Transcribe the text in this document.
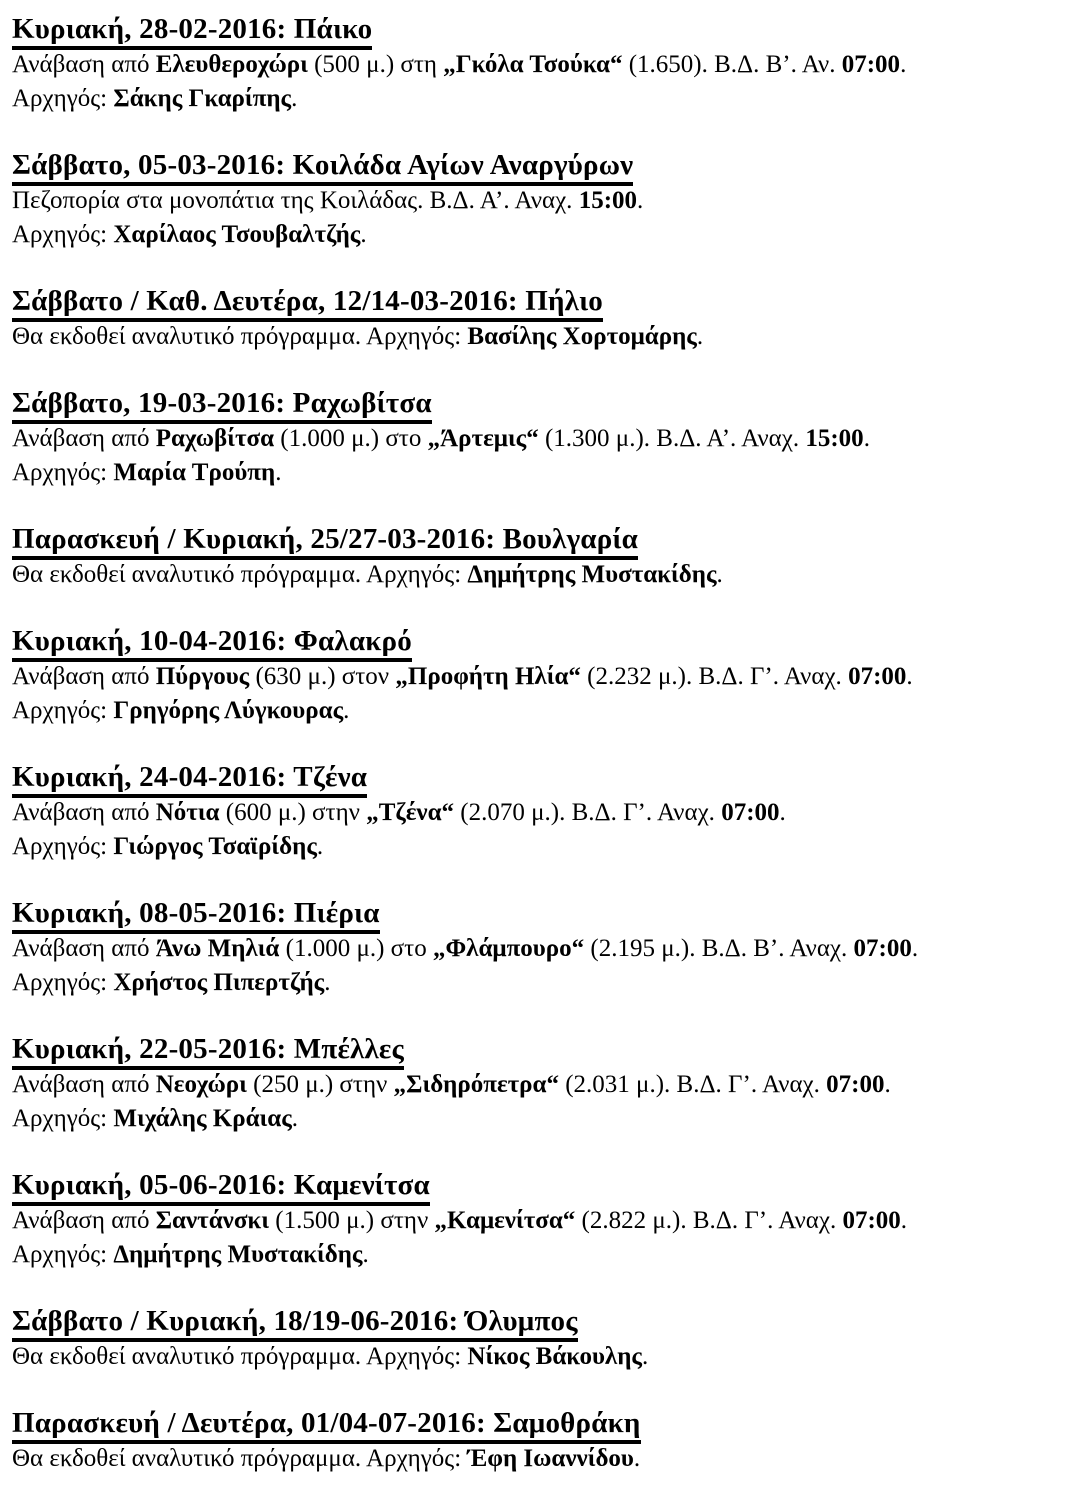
Κυριακή, 28-02-2016: Πάικο

Ανάβαση από Ελευθεροχώρι (500 μ.) στη „Γκόλα Τσούκα“ (1.650). Β.Δ. Β’. Αν. 07:00.

Αρχηγός: Σάκης Γκαρίπης.

Σάββατο, 05-03-2016: Κοιλάδα Αγίων Αναργύρων

Πεζοπορία στα μονοπάτια της Κοιλάδας. Β.Δ. Α’. Αναχ. 15:00.

Αρχηγός: Χαρίλαος Τσουβαλτζής.

Σάββατο / Καθ. Δευτέρα, 12/14-03-2016: Πήλιο

Θα εκδοθεί αναλυτικό πρόγραμμα. Αρχηγός: Βασίλης Χορτομάρης.

Σάββατο, 19-03-2016: Ραχωβίτσα

Ανάβαση από Ραχωβίτσα (1.000 μ.) στο „Άρτεμις“ (1.300 μ.). Β.Δ. Α’. Αναχ. 15:00.

Αρχηγός: Μαρία Τρούπη.

Παρασκευή / Κυριακή, 25/27-03-2016: Βουλγαρία

Θα εκδοθεί αναλυτικό πρόγραμμα. Αρχηγός: Δημήτρης Μυστακίδης.

Κυριακή, 10-04-2016: Φαλακρό

Ανάβαση από Πύργους (630 μ.) στον „Προφήτη Ηλία“ (2.232 μ.). Β.Δ. Γ’. Αναχ. 07:00.

Αρχηγός: Γρηγόρης Λύγκουρας.

Κυριακή, 24-04-2016: Τζένα

Ανάβαση από Νότια (600 μ.) στην „Τζένα“ (2.070 μ.). Β.Δ. Γ’. Αναχ. 07:00.

Αρχηγός: Γιώργος Τσαϊρίδης.

Κυριακή, 08-05-2016: Πιέρια

Ανάβαση από Άνω Μηλιά (1.000 μ.) στο „Φλάμπουρο“ (2.195 μ.). Β.Δ. Β’. Αναχ. 07:00.

Αρχηγός: Χρήστος Πιπερτζής.

Κυριακή, 22-05-2016: Μπέλλες

Ανάβαση από Νεοχώρι (250 μ.) στην „Σιδηρόπετρα“ (2.031 μ.). Β.Δ. Γ’. Αναχ. 07:00.

Αρχηγός: Μιχάλης Κράιας.

Κυριακή, 05-06-2016: Καμενίτσα

Ανάβαση από Σαντάνσκι (1.500 μ.) στην „Καμενίτσα“ (2.822 μ.). Β.Δ. Γ’. Αναχ. 07:00.

Αρχηγός: Δημήτρης Μυστακίδης.

Σάββατο / Κυριακή, 18/19-06-2016: Όλυμπος

Θα εκδοθεί αναλυτικό πρόγραμμα. Αρχηγός: Νίκος Βάκουλης.

Παρασκευή / Δευτέρα, 01/04-07-2016: Σαμοθράκη

Θα εκδοθεί αναλυτικό πρόγραμμα. Αρχηγός: Έφη Ιωαννίδου.
